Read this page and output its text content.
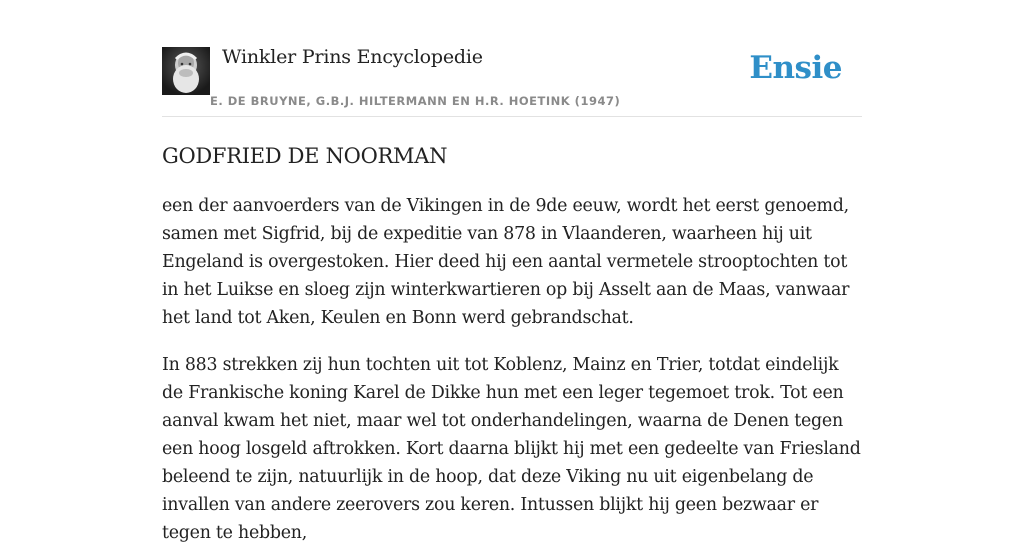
Winkler Prins Encyclopedie
E. DE BRUYNE, G.B.J. HILTERMANN EN H.R. HOETINK (1947)
Ensie
GODFRIED DE NOORMAN

een der aanvoerders van de Vikingen in de 9de eeuw, wordt het eerst genoemd, samen met Sigfrid, bij de expeditie van 878 in Vlaanderen, waarheen hij uit Engeland is overgestoken. Hier deed hij een aantal vermetele strooptochten tot in het Luikse en sloeg zijn winterkwartieren op bij Asselt aan de Maas, vanwaar het land tot Aken, Keulen en Bonn werd gebrandschat.

In 883 strekken zij hun tochten uit tot Koblenz, Mainz en Trier, totdat eindelijk de Frankische koning Karel de Dikke hun met een leger tegemoet trok. Tot een aanval kwam het niet, maar wel tot onderhandelingen, waarna de Denen tegen een hoog losgeld aftrokken. Kort daarna blijkt hij met een gedeelte van Friesland beleend te zijn, natuurlijk in de hoop, dat deze Viking nu uit eigenbelang de invallen van andere zeerovers zou keren. Intussen blijkt hij geen bezwaar er tegen te hebben,
